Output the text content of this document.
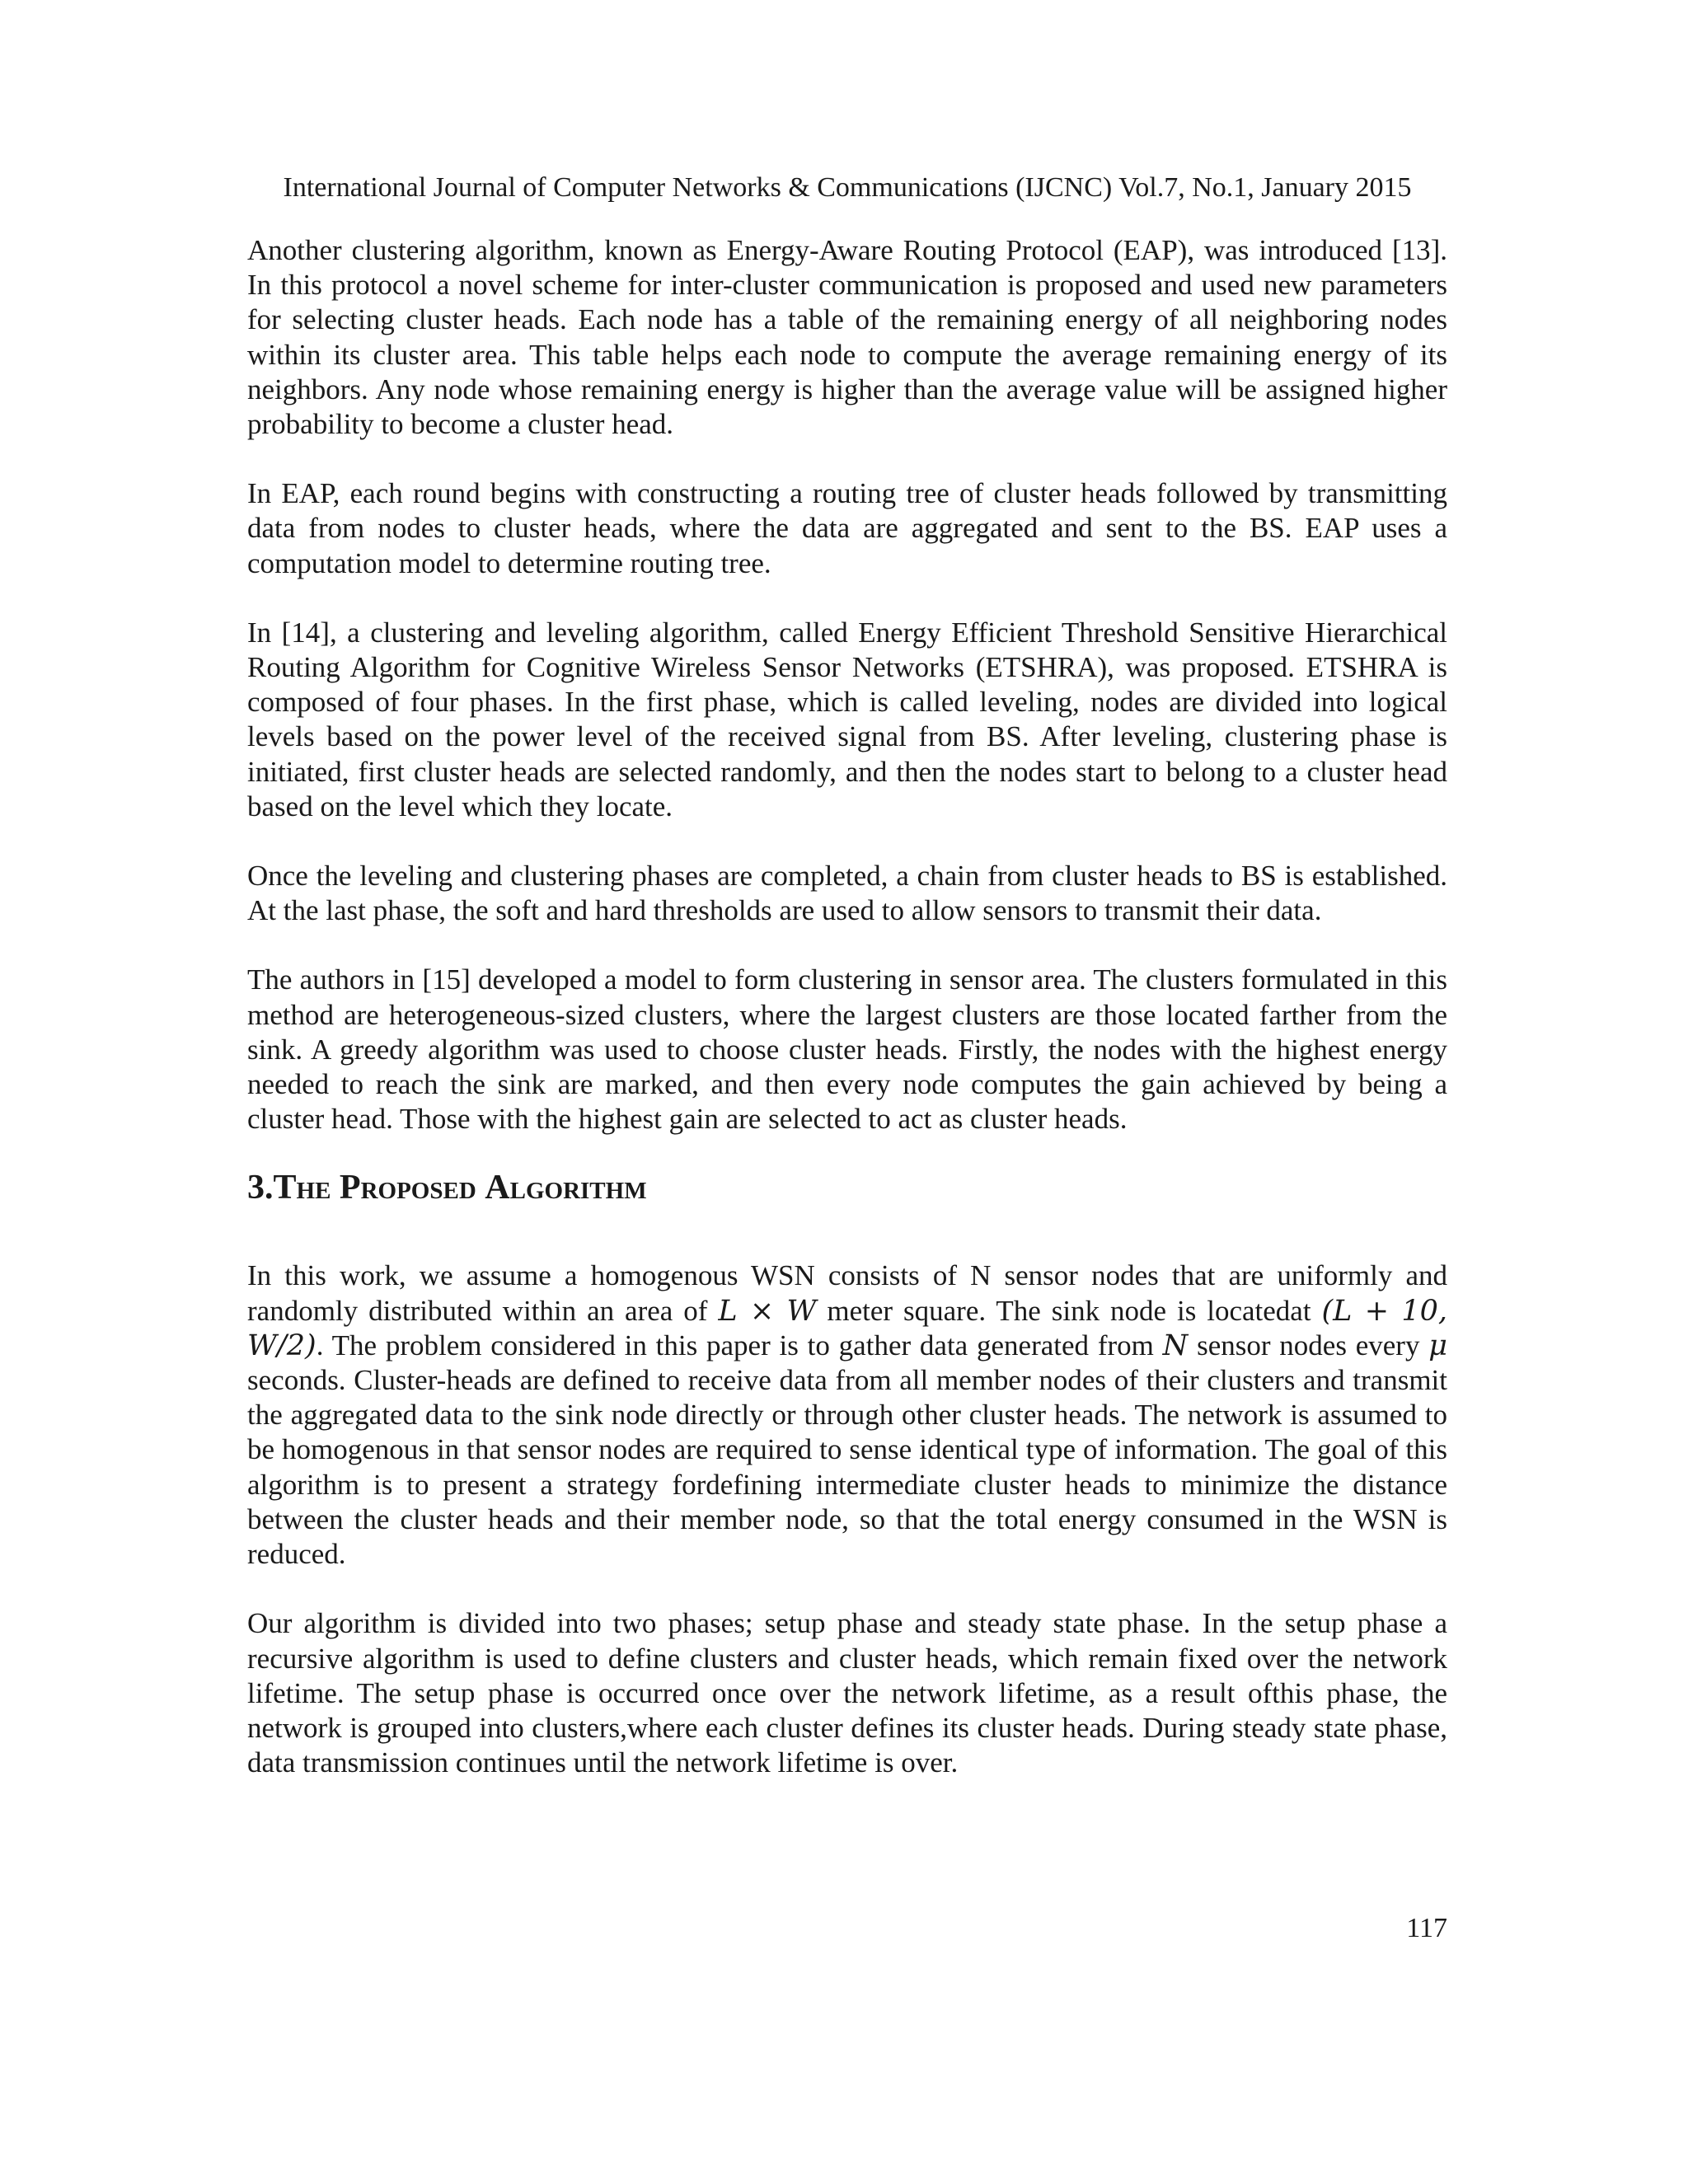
International Journal of Computer Networks & Communications (IJCNC) Vol.7, No.1, January 2015

Another clustering algorithm, known as Energy-Aware Routing Protocol (EAP), was introduced [13]. In this protocol a novel scheme for inter-cluster communication is proposed and used new parameters for selecting cluster heads. Each node has a table of the remaining energy of all neighboring nodes within its cluster area. This table helps each node to compute the average remaining energy of its neighbors. Any node whose remaining energy is higher than the average value will be assigned higher probability to become a cluster head.

In EAP, each round begins with constructing a routing tree of cluster heads followed by transmitting data from nodes to cluster heads, where the data are aggregated and sent to the BS. EAP uses a computation model to determine routing tree.

In [14], a clustering and leveling algorithm, called Energy Efficient Threshold Sensitive Hierarchical Routing Algorithm for Cognitive Wireless Sensor Networks (ETSHRA), was proposed. ETSHRA is composed of four phases. In the first phase, which is called leveling, nodes are divided into logical levels based on the power level of the received signal from BS. After leveling, clustering phase is initiated, first cluster heads are selected randomly, and then the nodes start to belong to a cluster head based on the level which they locate.

Once the leveling and clustering phases are completed, a chain from cluster heads to BS is established. At the last phase, the soft and hard thresholds are used to allow sensors to transmit their data.

The authors in [15] developed a model to form clustering in sensor area. The clusters formulated in this method are heterogeneous-sized clusters, where the largest clusters are those located farther from the sink. A greedy algorithm was used to choose cluster heads. Firstly, the nodes with the highest energy needed to reach the sink are marked, and then every node computes the gain achieved by being a cluster head. Those with the highest gain are selected to act as cluster heads.

3.The Proposed Algorithm

In this work, we assume a homogenous WSN consists of N sensor nodes that are uniformly and randomly distributed within an area of L × W meter square. The sink node is locatedat (L + 10, W/2). The problem considered in this paper is to gather data generated from N sensor nodes every μ seconds. Cluster-heads are defined to receive data from all member nodes of their clusters and transmit the aggregated data to the sink node directly or through other cluster heads. The network is assumed to be homogenous in that sensor nodes are required to sense identical type of information. The goal of this algorithm is to present a strategy fordefining intermediate cluster heads to minimize the distance between the cluster heads and their member node, so that the total energy consumed in the WSN is reduced.

Our algorithm is divided into two phases; setup phase and steady state phase. In the setup phase a recursive algorithm is used to define clusters and cluster heads, which remain fixed over the network lifetime. The setup phase is occurred once over the network lifetime, as a result ofthis phase, the network is grouped into clusters,where each cluster defines its cluster heads. During steady state phase, data transmission continues until the network lifetime is over.

117
